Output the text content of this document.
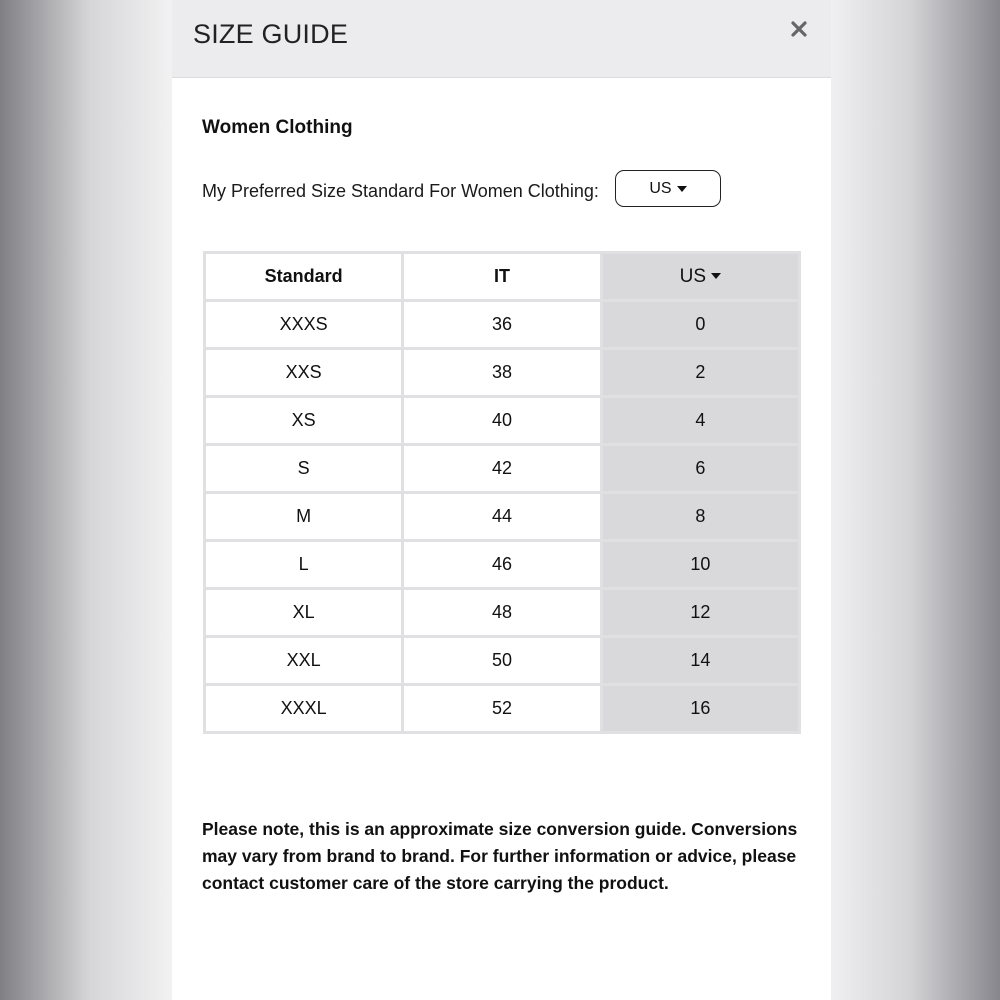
SIZE GUIDE
Women Clothing
My Preferred Size Standard For Women Clothing:	US
Standard	IT	US
XXXS	36	0
XXS	38	2
XS	40	4
S	42	6
M	44	8
L	46	10
XL	48	12
XXL	50	14
XXXL	52	16
Please note, this is an approximate size conversion guide. Conversions may vary from brand to brand. For further information or advice, please contact customer care of the store carrying the product.
